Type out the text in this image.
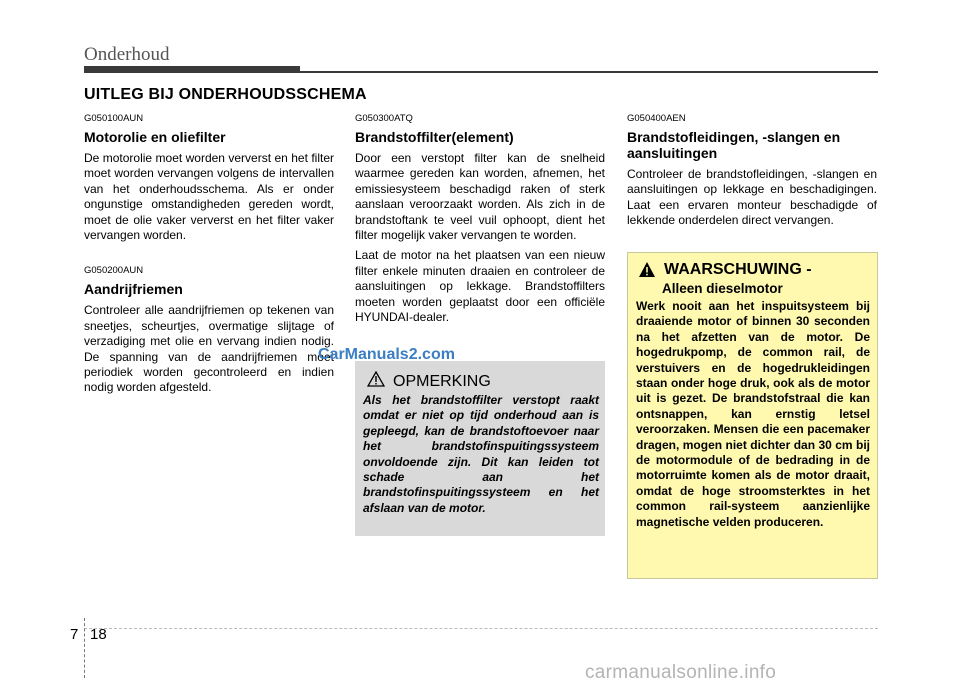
Onderhoud
UITLEG BIJ ONDERHOUDSSCHEMA

G050100AUN

Motorolie en oliefilter

De motorolie moet worden ververst en het filter moet worden vervangen volgens de intervallen van het onderhoudsschema. Als er onder ongunstige omstandigheden gereden wordt, moet de olie vaker ververst en het filter vaker vervangen worden.

G050200AUN

Aandrijfriemen

Controleer alle aandrijfriemen op tekenen van sneetjes, scheurtjes, overmatige slijtage of verzadiging met olie en vervang indien nodig. De spanning van de aandrijfriemen moet periodiek worden gecontroleerd en indien nodig worden afgesteld.

G050300ATQ

Brandstoffilter(element)

Door een verstopt filter kan de snelheid waarmee gereden kan worden, afnemen, het emissiesysteem beschadigd raken of sterk aanslaan veroorzaakt worden. Als zich in de brandstoftank te veel vuil ophoopt, dient het filter mogelijk vaker vervangen te worden.

Laat de motor na het plaatsen van een nieuw filter enkele minuten draaien en controleer de aansluitingen op lekkage. Brandstoffilters moeten worden geplaatst door een officiële HYUNDAI-dealer.

OPMERKING
Als het brandstoffilter verstopt raakt omdat er niet op tijd onderhoud aan is gepleegd, kan de brandstoftoevoer naar het brandstofinspuitingssysteem onvoldoende zijn. Dit kan leiden tot schade aan het brandstofinspuitingssysteem en het afslaan van de motor.
CarManuals2.com

G050400AEN

Brandstofleidingen, -slangen en aansluitingen

Controleer de brandstofleidingen, -slangen en aansluitingen op lekkage en beschadigingen. Laat een ervaren monteur beschadigde of lekkende onderdelen direct vervangen.

WAARSCHUWING -
Alleen dieselmotor
Werk nooit aan het inspuitsysteem bij draaiende motor of binnen 30 seconden na het afzetten van de motor. De hogedrukpomp, de common rail, de verstuivers en de hogedrukleidingen staan onder hoge druk, ook als de motor uit is gezet. De brandstofstraal die kan ontsnappen, kan ernstig letsel veroorzaken. Mensen die een pacemaker dragen, mogen niet dichter dan 30 cm bij de motormodule of de bedrading in de motorruimte komen als de motor draait, omdat de hoge stroomsterktes in het common rail-systeem aanzienlijke magnetische velden produceren.
7 18
carmanualsonline.info
